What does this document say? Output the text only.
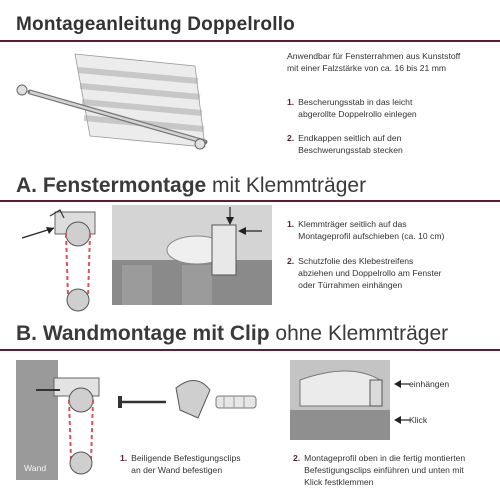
Montageanleitung Doppelrollo
Anwendbar für Fensterrahmen aus Kunststoff
mit einer Falzstärke von ca. 16 bis 21 mm
1. Bescherungsstab in das leicht
abgerollte Doppelrollo einlegen
2. Endkappen seitlich auf den
Beschwerungsstab stecken
A. Fenstermontage mit Klemmträger
1. Klemmträger seitlich auf das
Montageprofil aufschieben (ca. 10 cm)
2. Schutzfolie des Klebestreifens
abziehen und Doppelrollo am Fenster
oder Türrahmen einhängen
B. Wandmontage mit Clip ohne Klemmträger
Wand
einhängen
Klick
1. Beiligende Befestigungsclips
an der Wand befestigen
2. Montageprofil oben in die fertig montierten
Befestigungsclips einführen und unten mit
Klick festklemmen
